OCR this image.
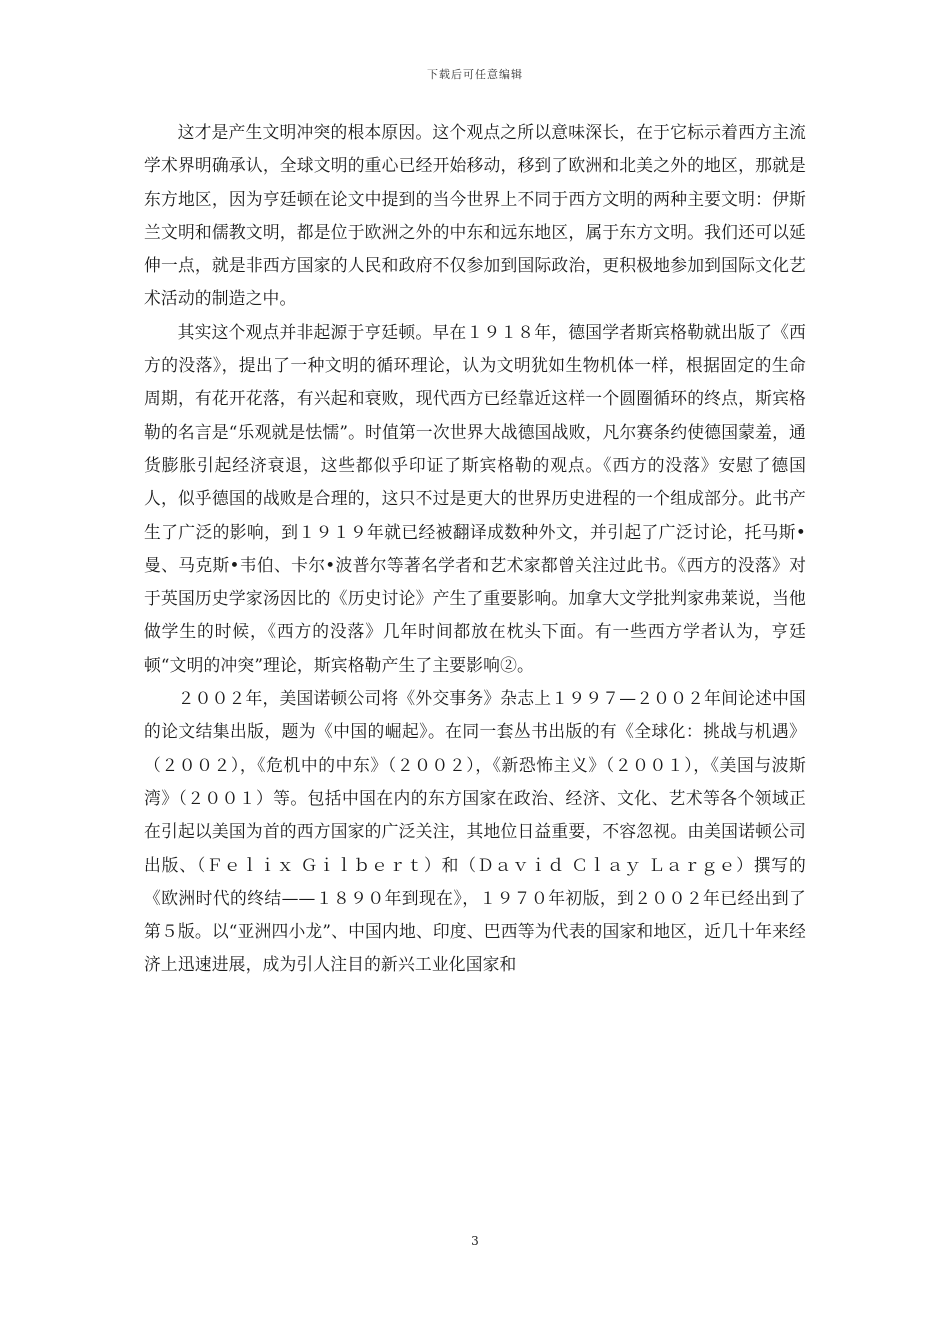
下载后可任意编辑

这才是产生文明冲突的根本原因。这个观点之所以意味深长，在于它标示着西方主流学术界明确承认，全球文明的重心已经开始移动，移到了欧洲和北美之外的地区，那就是东方地区，因为亨廷顿在论文中提到的当今世界上不同于西方文明的两种主要文明：伊斯兰文明和儒教文明，都是位于欧洲之外的中东和远东地区，属于东方文明。我们还可以延伸一点，就是非西方国家的人民和政府不仅参加到国际政治，更积极地参加到国际文化艺术活动的制造之中。

其实这个观点并非起源于亨廷顿。早在１９１８年，德国学者斯宾格勒就出版了《西方的没落》，提出了一种文明的循环理论，认为文明犹如生物机体一样，根据固定的生命周期，有花开花落，有兴起和衰败，现代西方已经靠近这样一个圆圈循环的终点，斯宾格勒的名言是“乐观就是怯懦”。时值第一次世界大战德国战败，凡尔赛条约使德国蒙羞，通货膨胀引起经济衰退，这些都似乎印证了斯宾格勒的观点。《西方的没落》安慰了德国人，似乎德国的战败是合理的，这只不过是更大的世界历史进程的一个组成部分。此书产生了广泛的影响，到１９１９年就已经被翻译成数种外文，并引起了广泛讨论，托马斯•曼、马克斯•韦伯、卡尔•波普尔等著名学者和艺术家都曾关注过此书。《西方的没落》对于英国历史学家汤因比的《历史讨论》产生了重要影响。加拿大文学批判家弗莱说，当他做学生的时候，《西方的没落》几年时间都放在枕头下面。有一些西方学者认为，亨廷顿“文明的冲突”理论，斯宾格勒产生了主要影响②。

２００２年，美国诺顿公司将《外交事务》杂志上１９９７—２００２年间论述中国的论文结集出版，题为《中国的崛起》。在同一套丛书出版的有《全球化：挑战与机遇》（２００２），《危机中的中东》（２００２），《新恐怖主义》（２００１），《美国与波斯湾》（２００１）等。包括中国在内的东方国家在政治、经济、文化、艺术等各个领域正在引起以美国为首的西方国家的广泛关注，其地位日益重要，不容忽视。由美国诺顿公司出版、（Ｆｅｌｉｘ Ｇｉｌｂｅｒｔ）和（Ｄａｖｉｄ Ｃｌａｙ Ｌａｒｇｅ）撰写的《欧洲时代的终结——１８９０年到现在》，１９７０年初版，到２００２年已经出到了第５版。以“亚洲四小龙”、中国内地、印度、巴西等为代表的国家和地区，近几十年来经济上迅速进展，成为引人注目的新兴工业化国家和

3
